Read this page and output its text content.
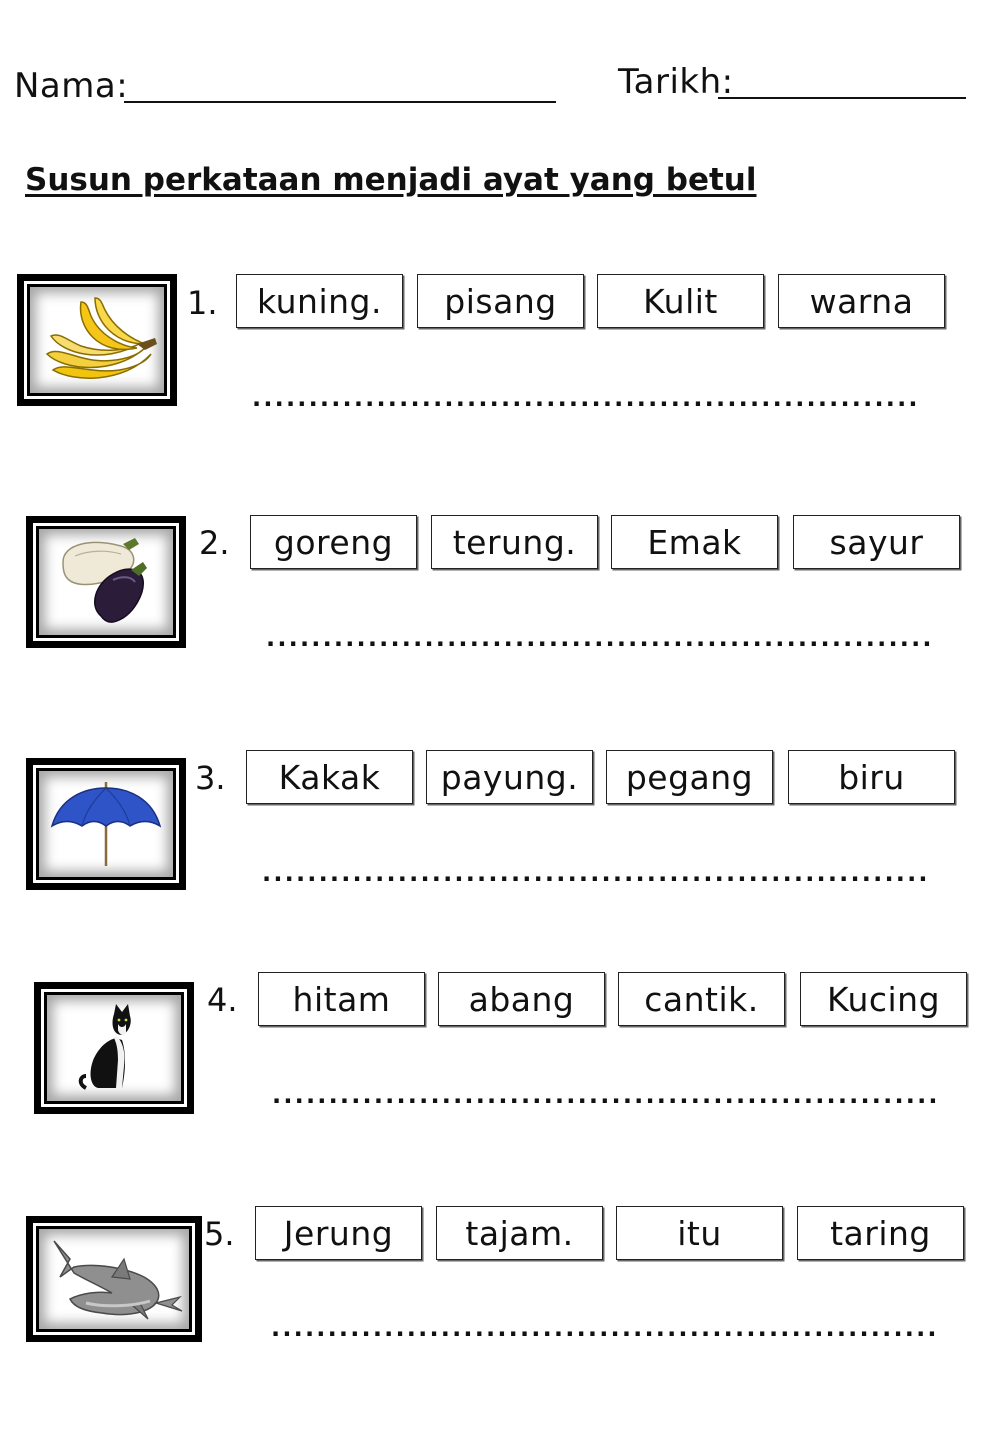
Nama:	Tarikh:
Susun perkataan menjadi ayat yang betul
1.	kuning.	pisang	Kulit	warna
...........................................................
2.	goreng	terung.	Emak	sayur
...........................................................
3.	Kakak	payung.	pegang	biru
...........................................................
4.	hitam	abang	cantik.	Kucing
...........................................................
5.	Jerung	tajam.	itu	taring
...........................................................
